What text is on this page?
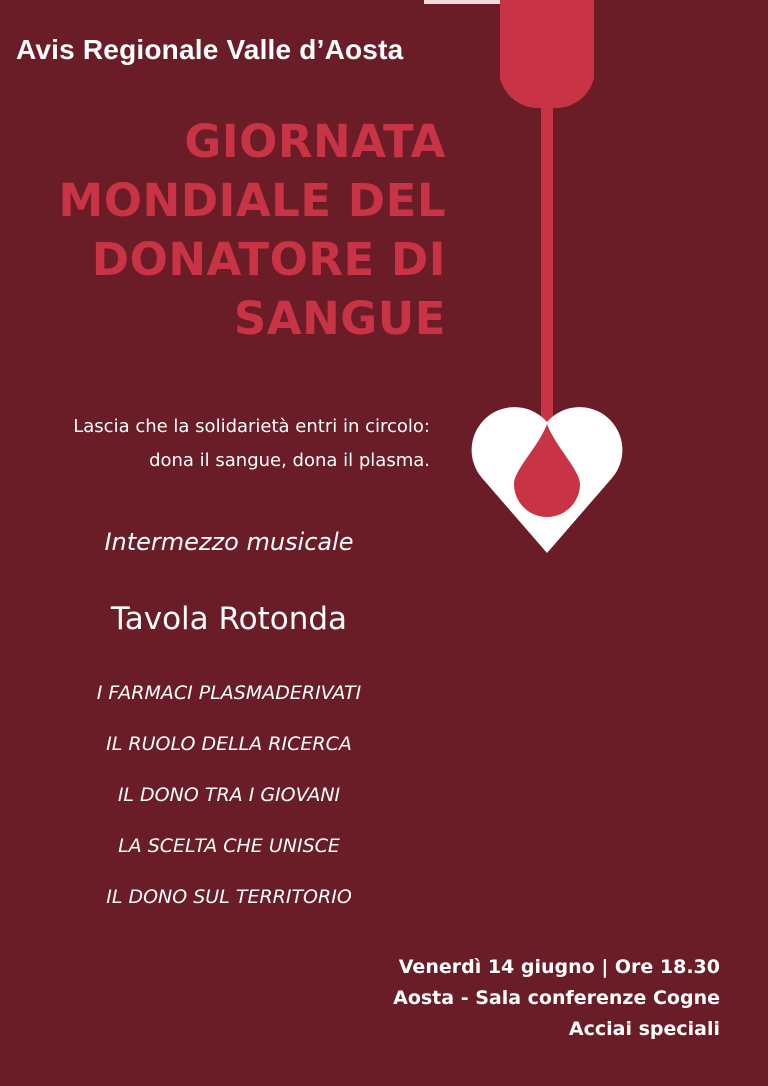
Avis Regionale Valle d’Aosta
GIORNATA
MONDIALE DEL
DONATORE DI
SANGUE
Lascia che la solidarietà entri in circolo:
dona il sangue, dona il plasma.
Intermezzo musicale
Tavola Rotonda
I FARMACI PLASMADERIVATI
IL RUOLO DELLA RICERCA
IL DONO TRA I GIOVANI
LA SCELTA CHE UNISCE
IL DONO SUL TERRITORIO
Venerdì 14 giugno | Ore 18.30
Aosta - Sala conferenze Cogne
Acciai speciali
